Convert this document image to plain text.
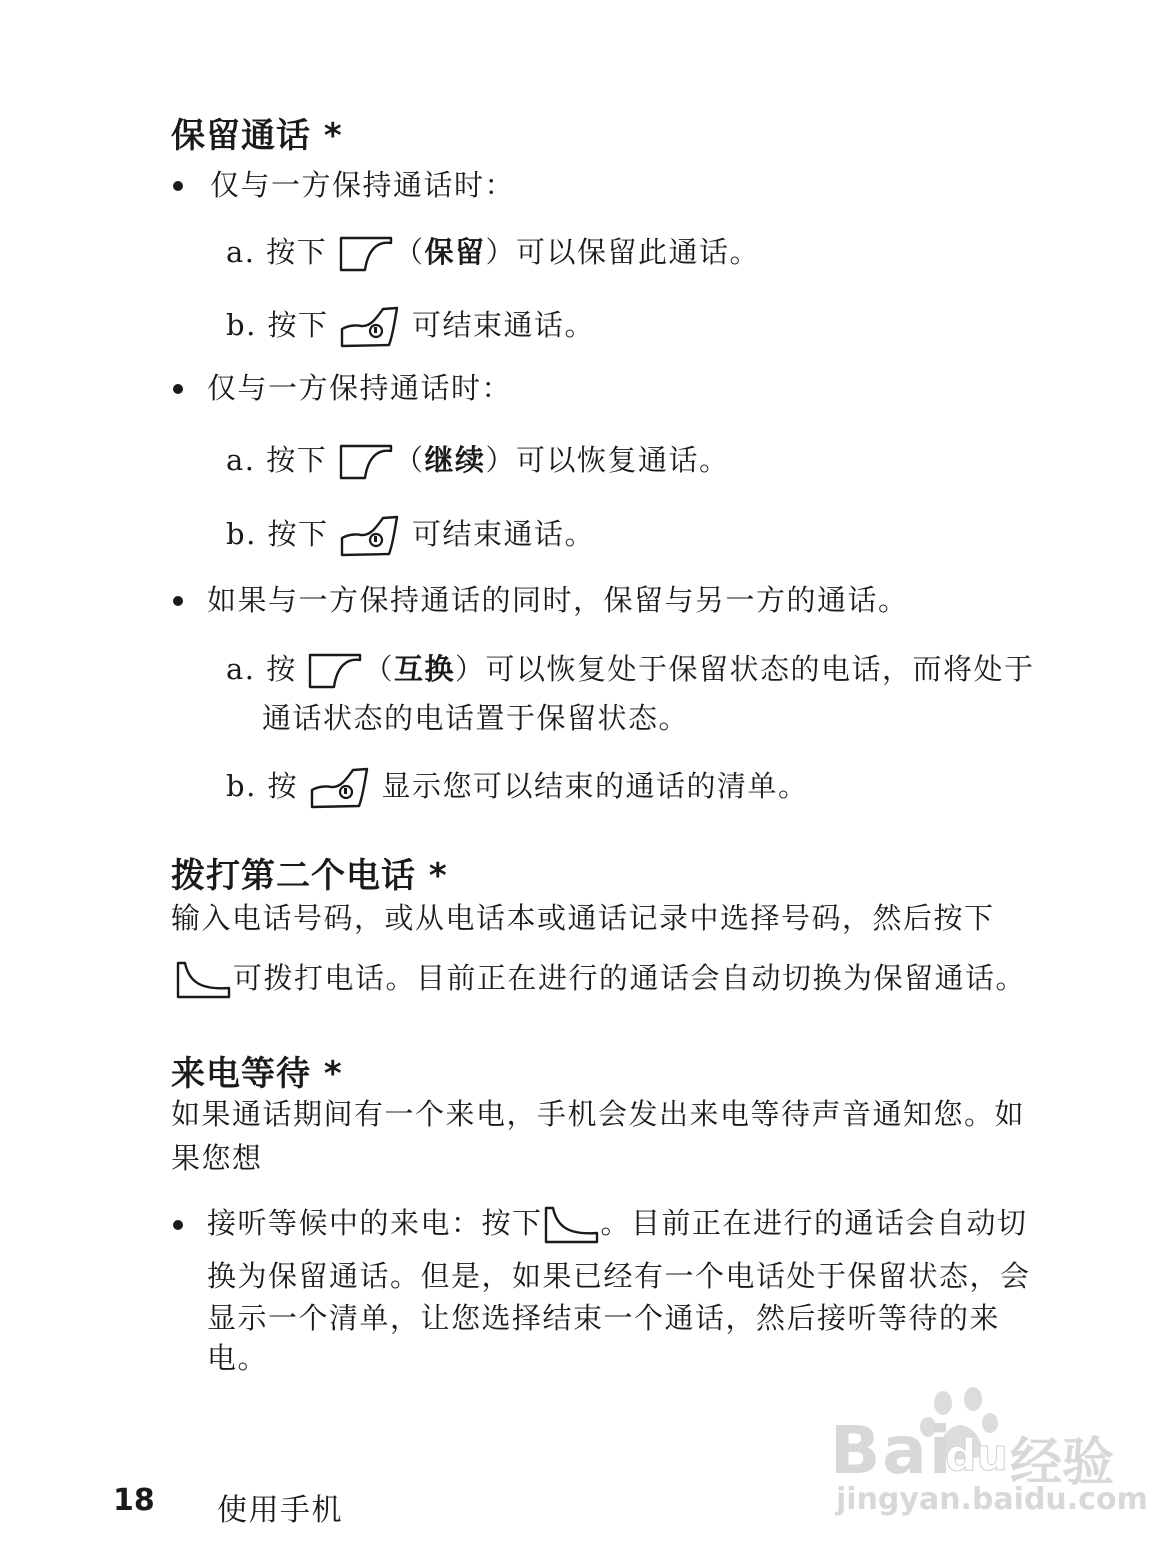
保留通话 *
仅与一方保持通话时：
a. 按下 （保留）可以保留此通话。
b. 按下	可结束通话。
仅与一方保持通话时：
a. 按下 （继续）可以恢复通话。
b. 按下	可结束通话。
如果与一方保持通话的同时，保留与另一方的通话。
a. 按 （互换）可以恢复处于保留状态的电话，而将处于
通话状态的电话置于保留状态。
b. 按	显示您可以结束的通话的清单。
拨打第二个电话 *
输入电话号码，或从电话本或通话记录中选择号码，然后按下
可拨打电话。目前正在进行的通话会自动切换为保留通话。
来电等待 *
如果通话期间有一个来电，手机会发出来电等待声音通知您。如
果您想
接听等候中的来电：按下 。目前正在进行的通话会自动切
换为保留通话。但是，如果已经有一个电话处于保留状态，会
显示一个清单，让您选择结束一个通话，然后接听等待的来
电。
Bai
du 经验
jingyan.baidu.com
18 使用手机
